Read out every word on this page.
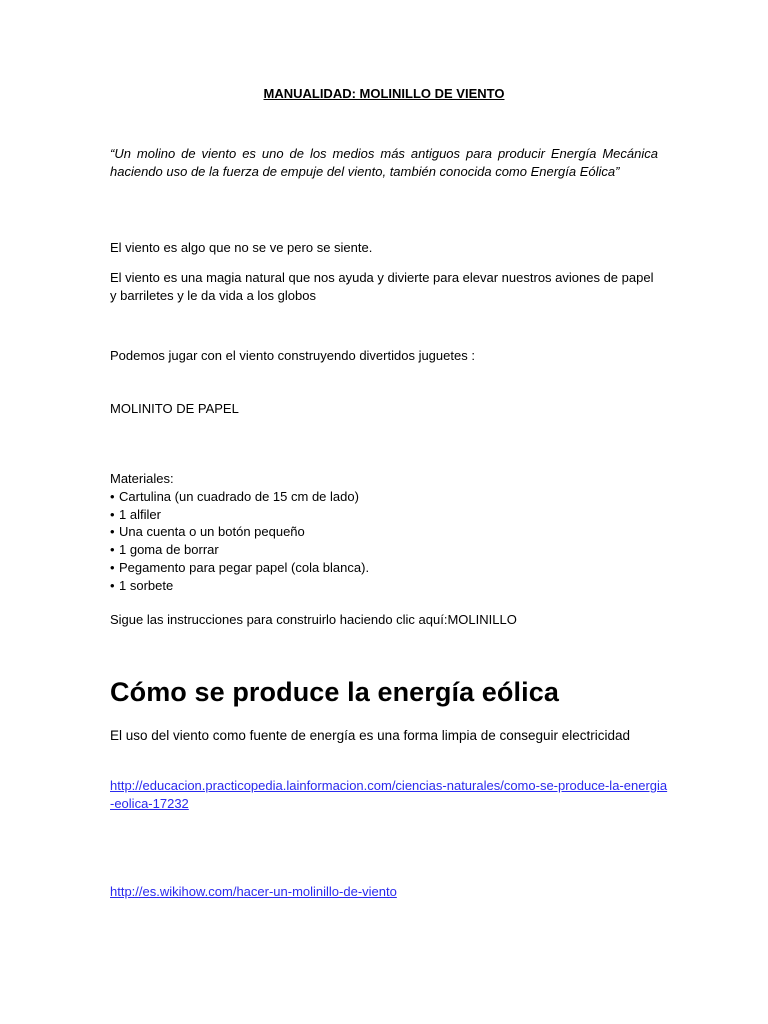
MANUALIDAD: MOLINILLO DE VIENTO

“Un molino de viento es uno de los medios más antiguos para producir Energía Mecánica haciendo uso de la fuerza de empuje del viento, también conocida como Energía Eólica”

El viento es algo que no se ve pero se siente.

El viento es una magia natural que nos ayuda y divierte para elevar nuestros aviones de papel y barriletes y le da vida a los globos

Podemos jugar con el viento construyendo divertidos juguetes :

MOLINITO DE PAPEL

Materiales:
• Cartulina (un cuadrado de 15 cm de lado)
• 1 alfiler
• Una cuenta o un botón pequeño
• 1 goma de borrar
• Pegamento para pegar papel (cola blanca).
• 1 sorbete

Sigue las instrucciones para construirlo haciendo clic aquí:MOLINILLO

Cómo se produce la energía eólica

El uso del viento como fuente de energía es una forma limpia de conseguir electricidad

http://educacion.practicopedia.lainformacion.com/ciencias-naturales/como-se-produce-la-energia-eolica-17232
http://es.wikihow.com/hacer-un-molinillo-de-viento
